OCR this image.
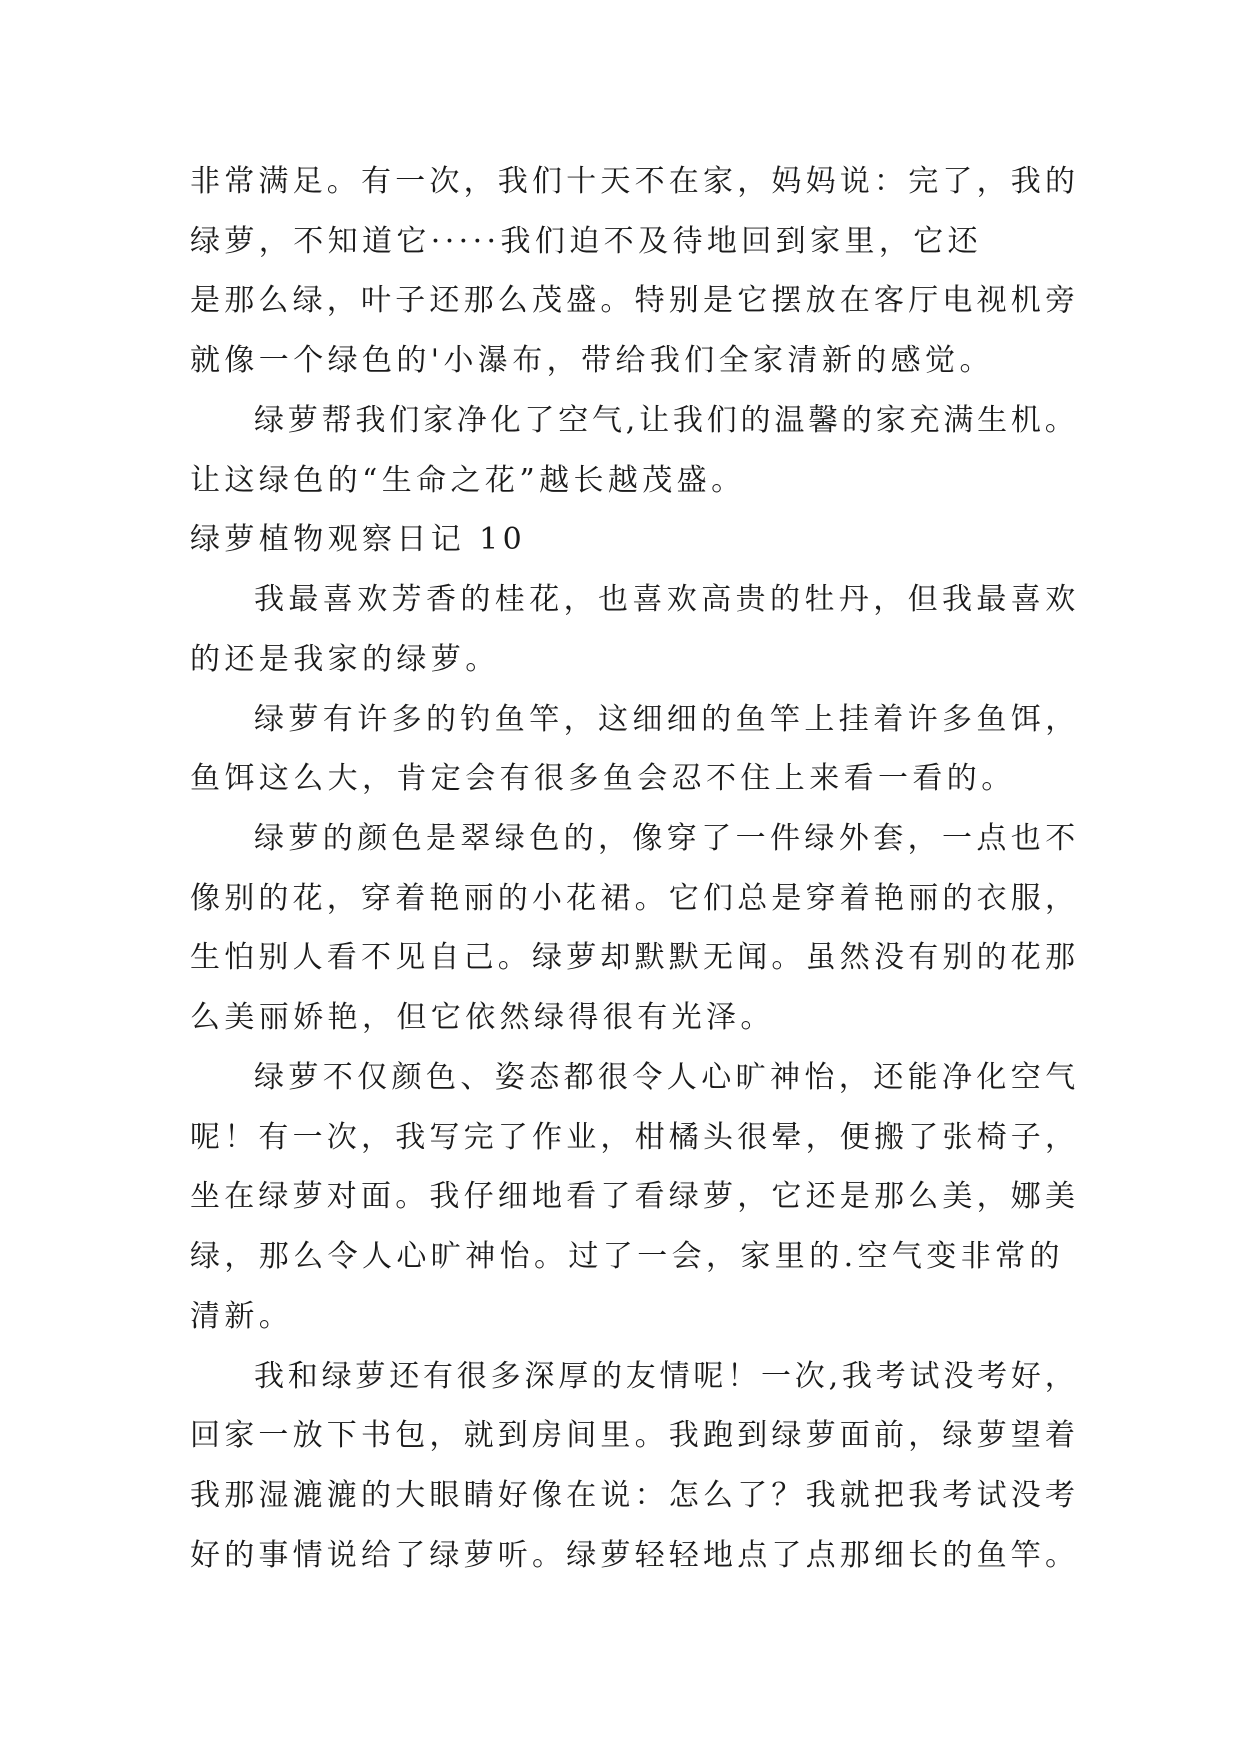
非常满足。有一次，我们十天不在家，妈妈说：完了，我的
绿萝，不知道它·····我们迫不及待地回到家里，它还
是那么绿，叶子还那么茂盛。特别是它摆放在客厅电视机旁
就像一个绿色的'小瀑布，带给我们全家清新的感觉。
绿萝帮我们家净化了空气,让我们的温馨的家充满生机。
让这绿色的“生命之花”越长越茂盛。
绿萝植物观察日记 10
我最喜欢芳香的桂花，也喜欢高贵的牡丹，但我最喜欢
的还是我家的绿萝。
绿萝有许多的钓鱼竿，这细细的鱼竿上挂着许多鱼饵，
鱼饵这么大，肯定会有很多鱼会忍不住上来看一看的。
绿萝的颜色是翠绿色的，像穿了一件绿外套，一点也不
像别的花，穿着艳丽的小花裙。它们总是穿着艳丽的衣服，
生怕别人看不见自己。绿萝却默默无闻。虽然没有别的花那
么美丽娇艳，但它依然绿得很有光泽。
绿萝不仅颜色、姿态都很令人心旷神怡，还能净化空气
呢！有一次，我写完了作业，柑橘头很晕，便搬了张椅子，
坐在绿萝对面。我仔细地看了看绿萝，它还是那么美，娜美
绿，那么令人心旷神怡。过了一会，家里的.空气变非常的
清新。
我和绿萝还有很多深厚的友情呢！一次,我考试没考好，
回家一放下书包，就到房间里。我跑到绿萝面前，绿萝望着
我那湿漉漉的大眼睛好像在说：怎么了？我就把我考试没考
好的事情说给了绿萝听。绿萝轻轻地点了点那细长的鱼竿。
